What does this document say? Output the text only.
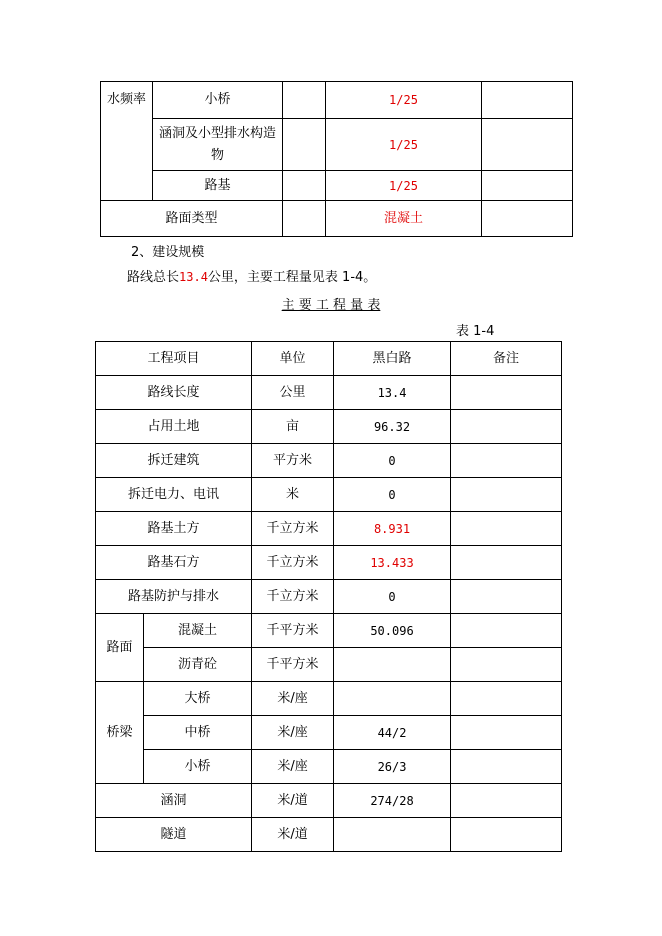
水频率	小桥		1/25	
	涵洞及小型排水构造物		1/25	
	路基		1/25	
路面类型			混凝土	
2、建设规模
路线总长13.4公里，主要工程量见表 1-4。
主 要 工 程 量 表
表 1-4
工程项目		单位	黑白路	备注
路线长度		公里	13.4	
占用土地		亩	96.32	
拆迁建筑		平方米	0	
拆迁电力、电讯		米	0	
路基土方		千立方米	8.931	
路基石方		千立方米	13.433	
路基防护与排水		千立方米	0	
路面	混凝土	千平方米	50.096	
	沥青砼	千平方米		
桥梁	大桥	米/座		
	中桥	米/座	44/2	
	小桥	米/座	26/3	
涵洞		米/道	274/28	
隧道		米/道		
